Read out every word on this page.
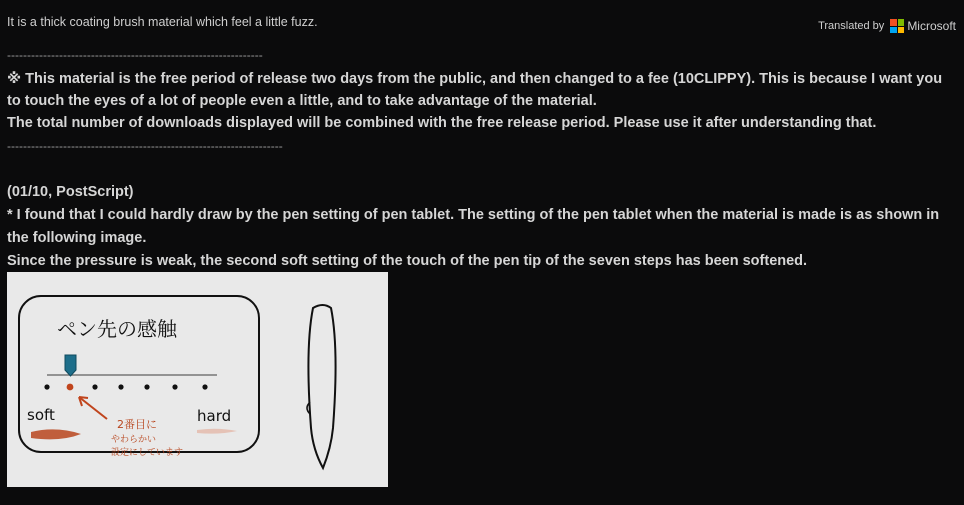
It is a thick coating brush material which feel a little fuzz.	Translated by Microsoft
----------------------------------------------------------------
※ This material is the free period of release two days from the public, and then changed to a fee (10CLIPPY). This is because I want you to touch the eyes of a lot of people even a little, and to take advantage of the material.
The total number of downloads displayed will be combined with the free release period. Please use it after understanding that.
---------------------------------------------------------------------
(01/10, PostScript)
* I found that I could hardly draw by the pen setting of pen tablet. The setting of the pen tablet when the material is made is as shown in the following image.
Since the pressure is weak, the second soft setting of the touch of the pen tip of the seven steps has been softened.
ペン先の感触
soft	hard
2番目に
やわらかい
設定にしています
